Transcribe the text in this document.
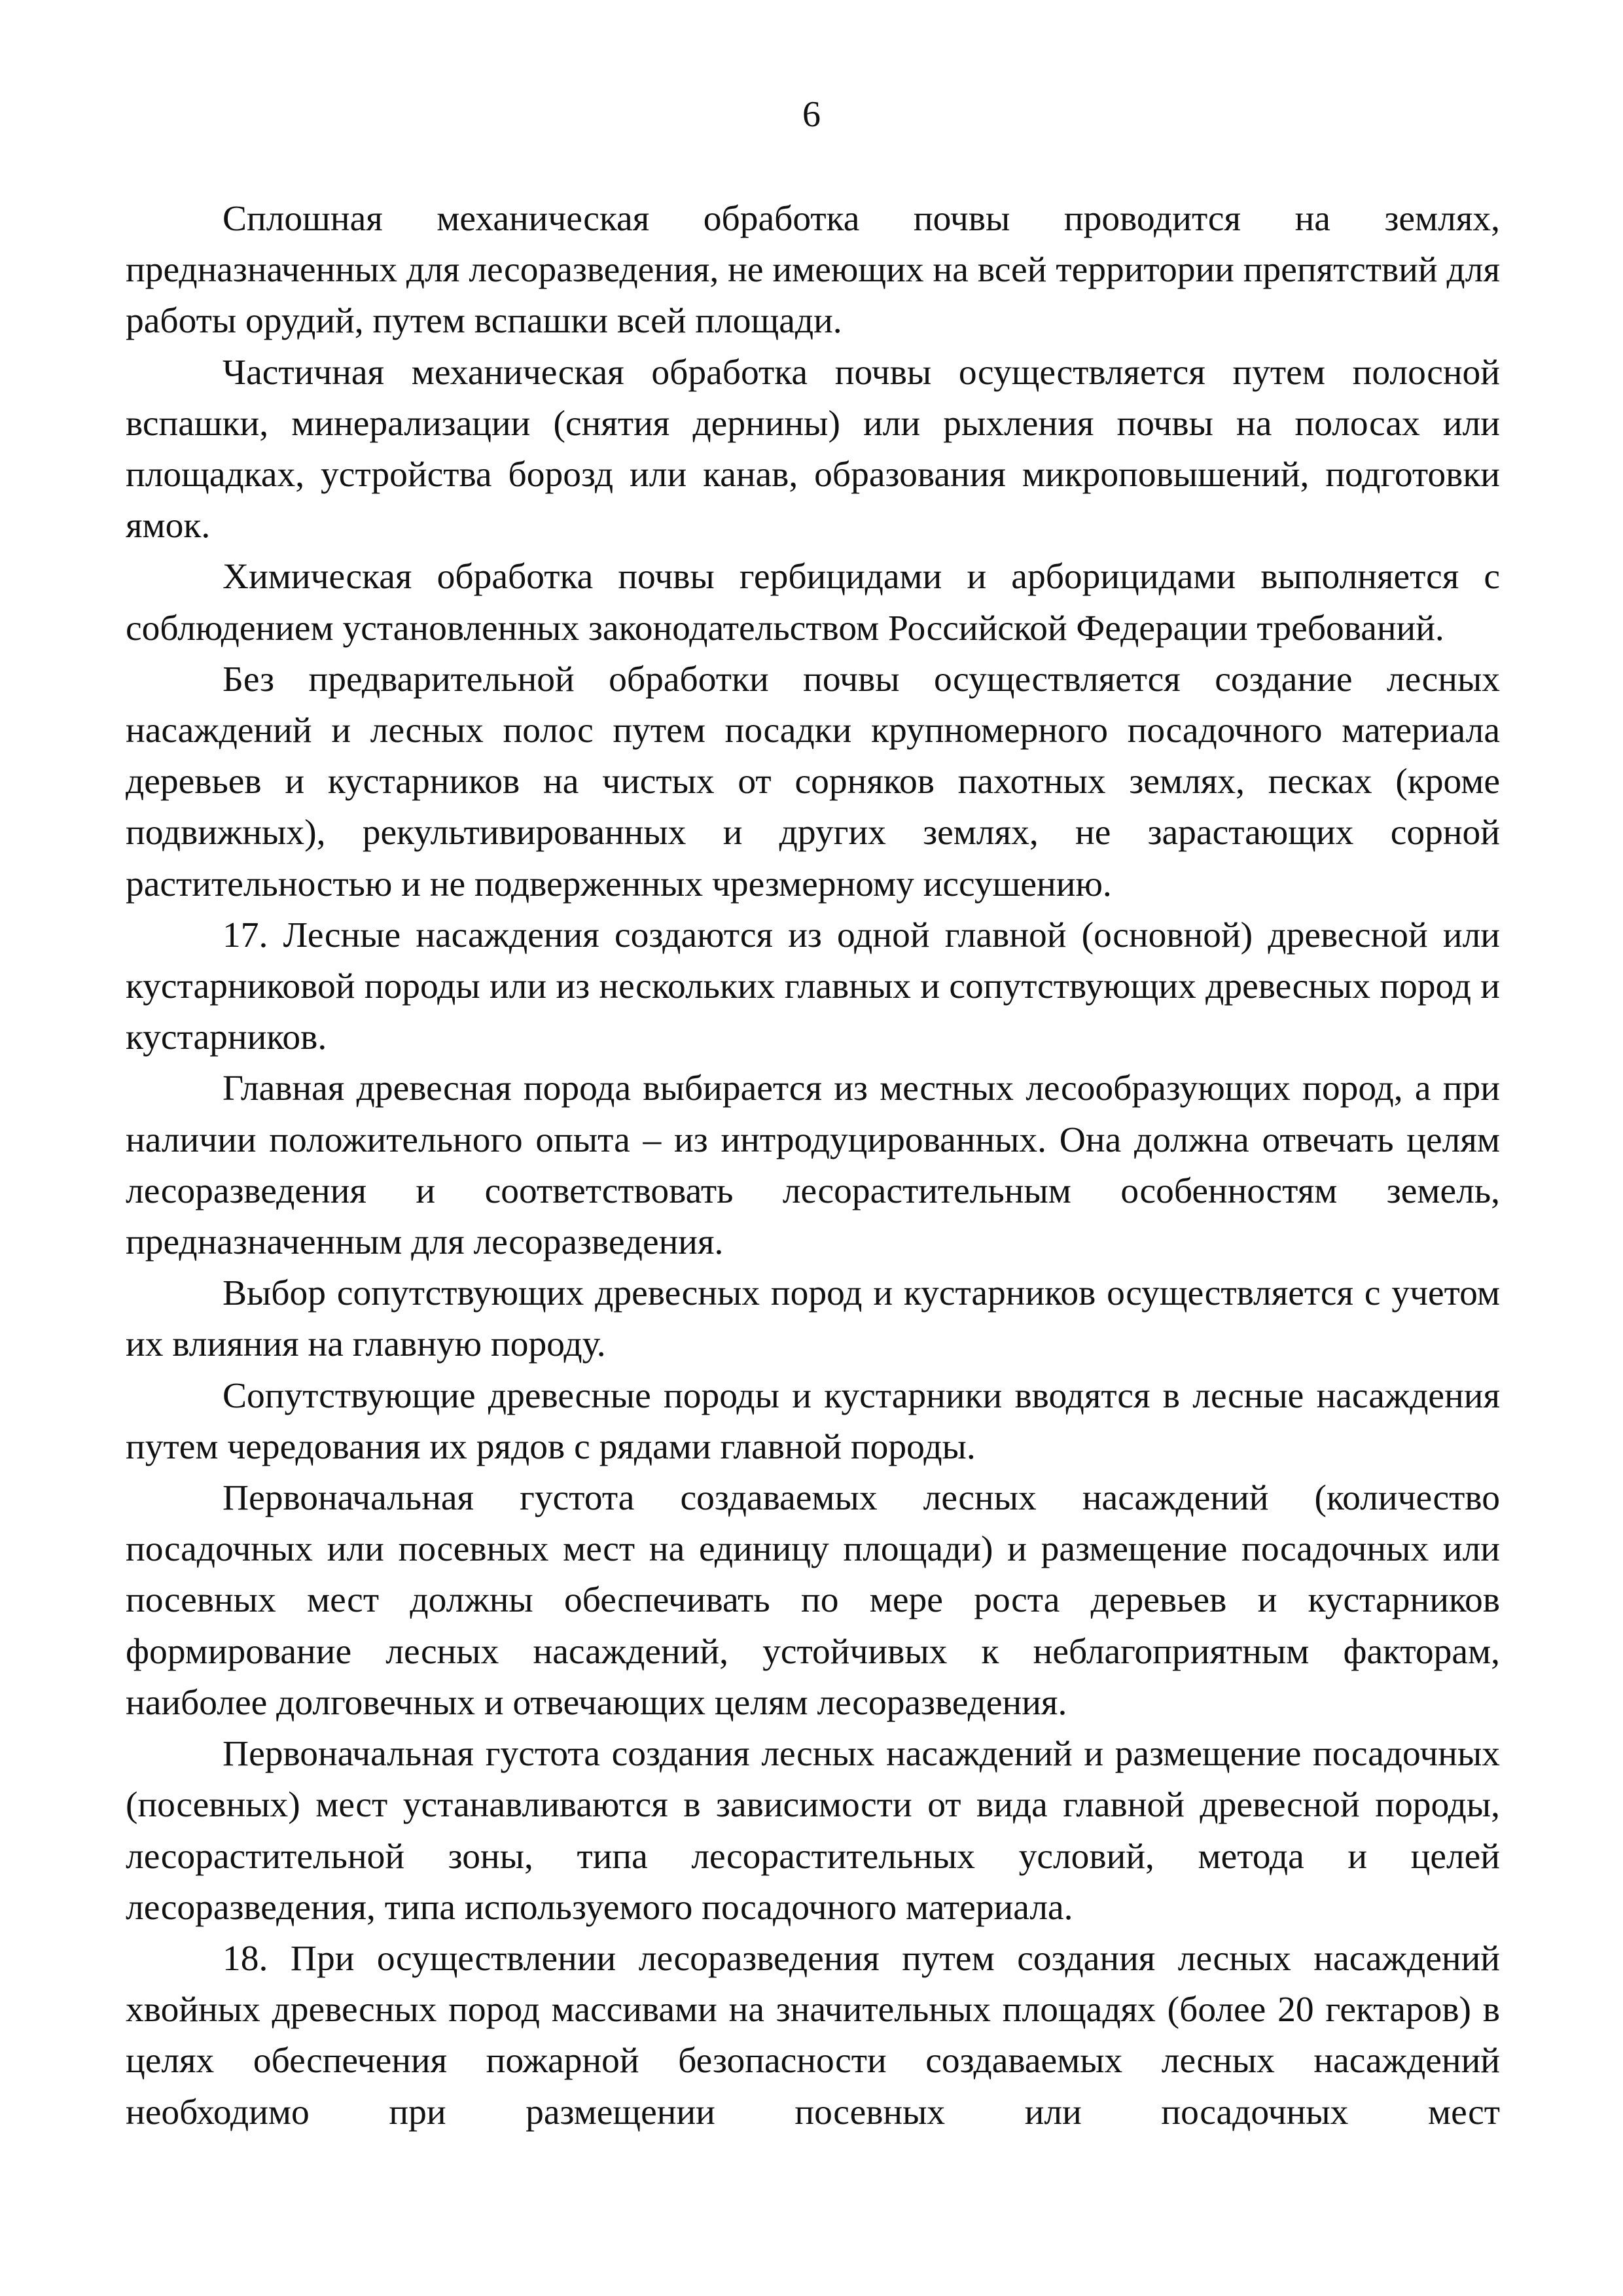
6

Сплошная механическая обработка почвы проводится на землях, предназначенных для лесоразведения, не имеющих на всей территории препятствий для работы орудий, путем вспашки всей площади.

Частичная механическая обработка почвы осуществляется путем полосной вспашки, минерализации (снятия дернины) или рыхления почвы на полосах или площадках, устройства борозд или канав, образования микроповышений, подготовки ямок.

Химическая обработка почвы гербицидами и арборицидами выполняется с соблюдением установленных законодательством Российской Федерации требований.

Без предварительной обработки почвы осуществляется создание лесных насаждений и лесных полос путем посадки крупномерного посадочного материала деревьев и кустарников на чистых от сорняков пахотных землях, песках (кроме подвижных), рекультивированных и других землях, не зарастающих сорной растительностью и не подверженных чрезмерному иссушению.

17. Лесные насаждения создаются из одной главной (основной) древесной или кустарниковой породы или из нескольких главных и сопутствующих древесных пород и кустарников.

Главная древесная порода выбирается из местных лесообразующих пород, а при наличии положительного опыта – из интродуцированных. Она должна отвечать целям лесоразведения и соответствовать лесорастительным особенностям земель, предназначенным для лесоразведения.

Выбор сопутствующих древесных пород и кустарников осуществляется с учетом их влияния на главную породу.

Сопутствующие древесные породы и кустарники вводятся в лесные насаждения путем чередования их рядов с рядами главной породы.

Первоначальная густота создаваемых лесных насаждений (количество посадочных или посевных мест на единицу площади) и размещение посадочных или посевных мест должны обеспечивать по мере роста деревьев и кустарников формирование лесных насаждений, устойчивых к неблагоприятным факторам, наиболее долговечных и отвечающих целям лесоразведения.

Первоначальная густота создания лесных насаждений и размещение посадочных (посевных) мест устанавливаются в зависимости от вида главной древесной породы, лесорастительной зоны, типа лесорастительных условий, метода и целей лесоразведения, типа используемого посадочного материала.

18. При осуществлении лесоразведения путем создания лесных насаждений хвойных древесных пород массивами на значительных площадях (более 20 гектаров) в целях обеспечения пожарной безопасности создаваемых лесных насаждений необходимо при размещении посевных или посадочных мест
